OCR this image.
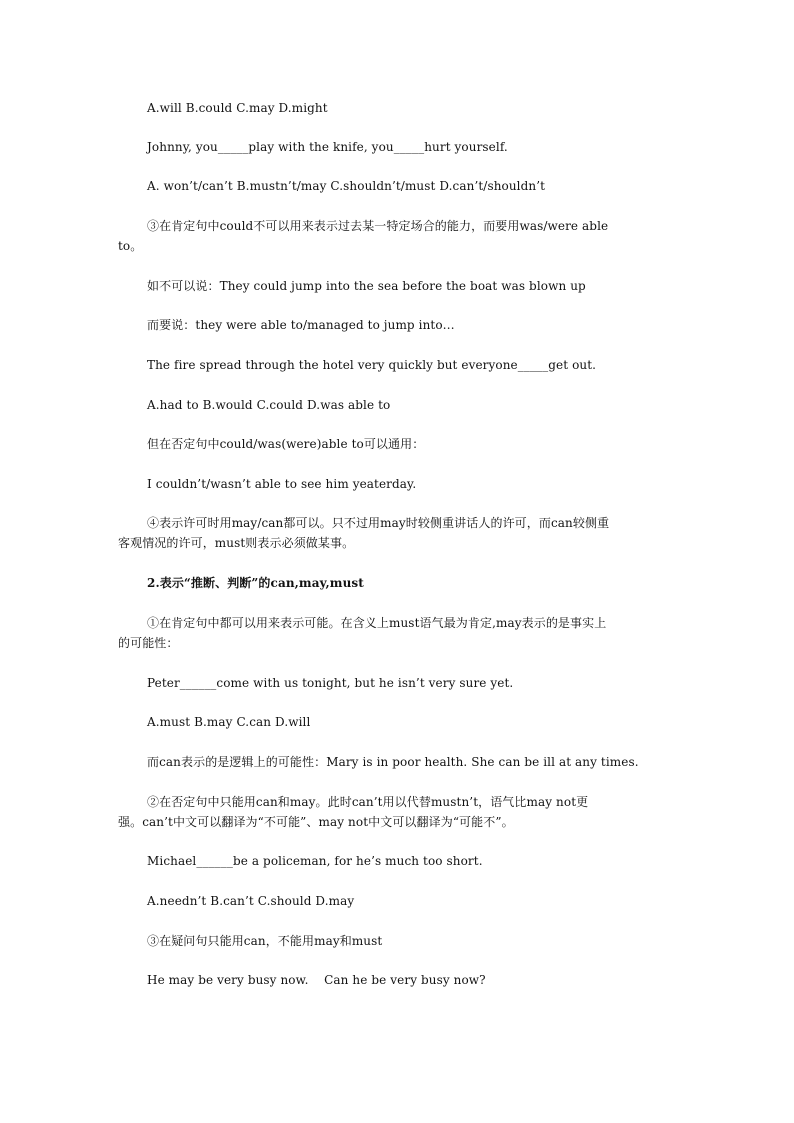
A.will B.could C.may D.might
Johnny, you_____play with the knife, you_____hurt yourself.
A. won’t/can’t B.mustn’t/may C.shouldn’t/must D.can’t/shouldn’t
③在肯定句中could不可以用来表示过去某一特定场合的能力，而要用was/were able
to。
如不可以说：They could jump into the sea before the boat was blown up
而要说：they were able to/managed to jump into…
The fire spread through the hotel very quickly but everyone_____get out.
A.had to B.would C.could D.was able to
但在否定句中could/was(were)able to可以通用：
I couldn’t/wasn’t able to see him yeaterday.
④表示许可时用may/can都可以。只不过用may时较侧重讲话人的许可，而can较侧重
客观情况的许可，must则表示必须做某事。
2.表示“推断、判断”的can,may,must
①在肯定句中都可以用来表示可能。在含义上must语气最为肯定,may表示的是事实上
的可能性：
Peter______come with us tonight, but he isn’t very sure yet.
A.must B.may C.can D.will
而can表示的是逻辑上的可能性：Mary is in poor health. She can be ill at any times.
②在否定句中只能用can和may。此时can’t用以代替mustn’t，语气比may not更
强。can’t中文可以翻译为“不可能”、may not中文可以翻译为“可能不”。
Michael______be a policeman, for he’s much too short.
A.needn’t B.can’t C.should D.may
③在疑问句只能用can，不能用may和must
He may be very busy now.    Can he be very busy now?
